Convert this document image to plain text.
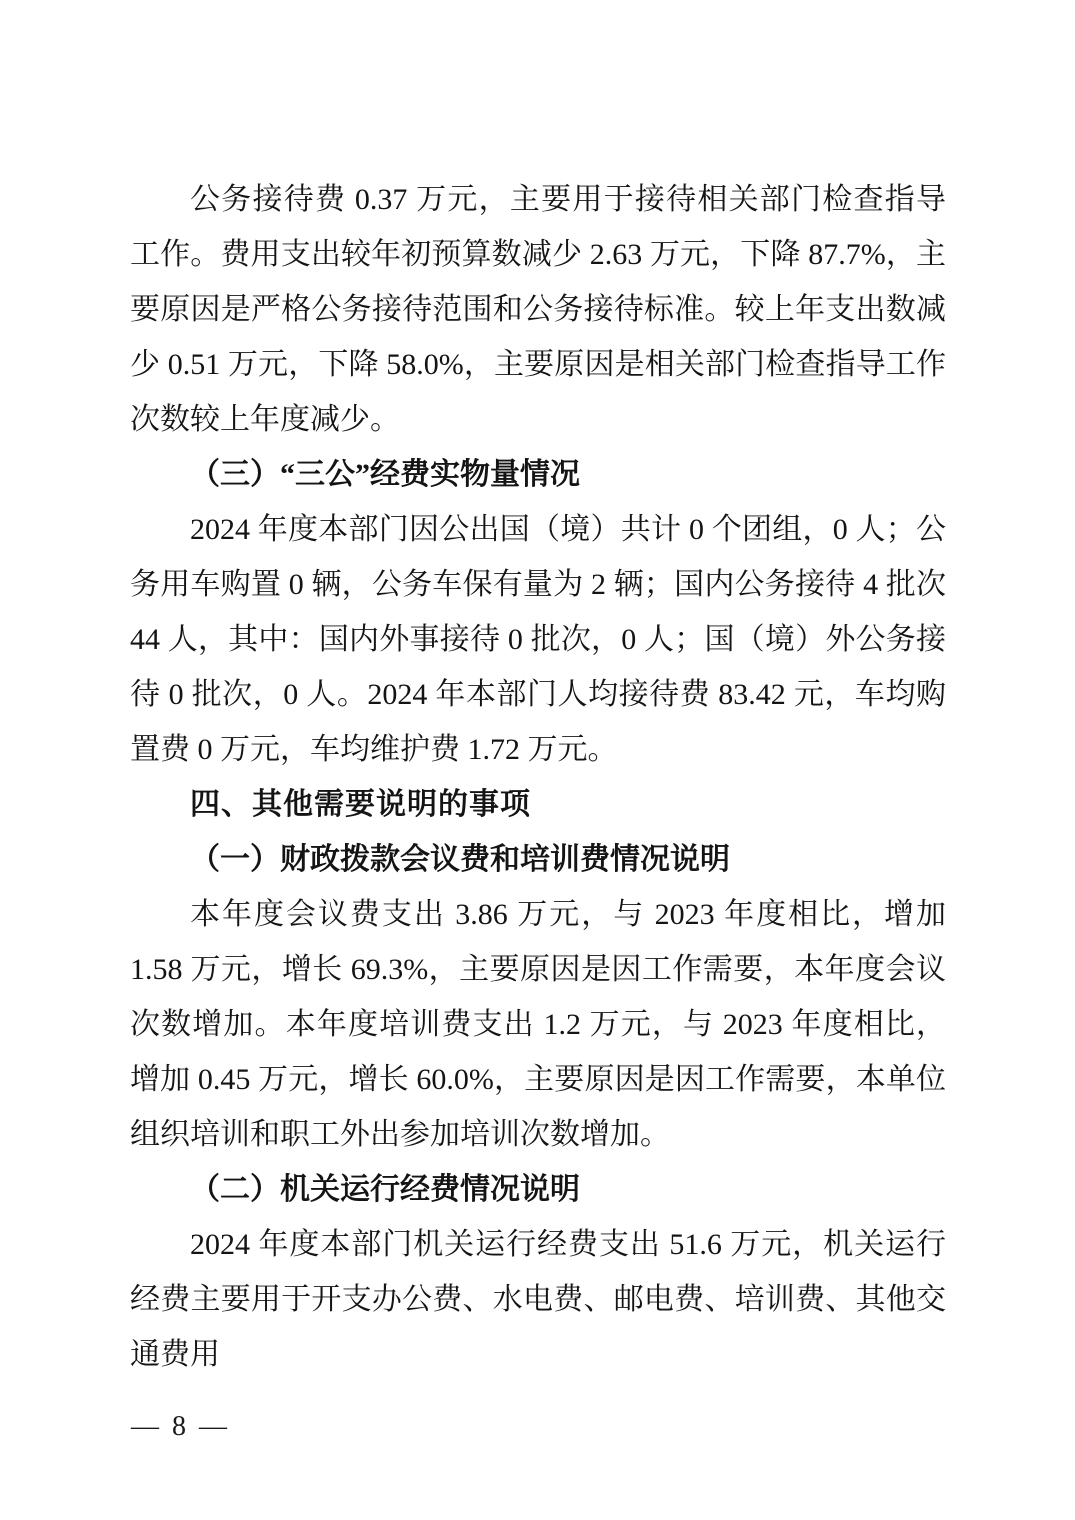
公务接待费 0.37 万元，主要用于接待相关部门检查指导工作。费用支出较年初预算数减少 2.63 万元，下降 87.7%，主要原因是严格公务接待范围和公务接待标准。较上年支出数减少 0.51 万元，下降 58.0%，主要原因是相关部门检查指导工作次数较上年度减少。

（三）“三公”经费实物量情况

2024 年度本部门因公出国（境）共计 0 个团组，0 人；公务用车购置 0 辆，公务车保有量为 2 辆；国内公务接待 4 批次 44 人，其中：国内外事接待 0 批次，0 人；国（境）外公务接待 0 批次，0 人。2024 年本部门人均接待费 83.42 元，车均购置费 0 万元，车均维护费 1.72 万元。

四、其他需要说明的事项

（一）财政拨款会议费和培训费情况说明

本年度会议费支出 3.86 万元，与 2023 年度相比，增加 1.58 万元，增长 69.3%，主要原因是因工作需要，本年度会议次数增加。本年度培训费支出 1.2 万元，与 2023 年度相比，增加 0.45 万元，增长 60.0%，主要原因是因工作需要，本单位组织培训和职工外出参加培训次数增加。

（二）机关运行经费情况说明

2024 年度本部门机关运行经费支出 51.6 万元，机关运行经费主要用于开支办公费、水电费、邮电费、培训费、其他交通费用

— 8 —
